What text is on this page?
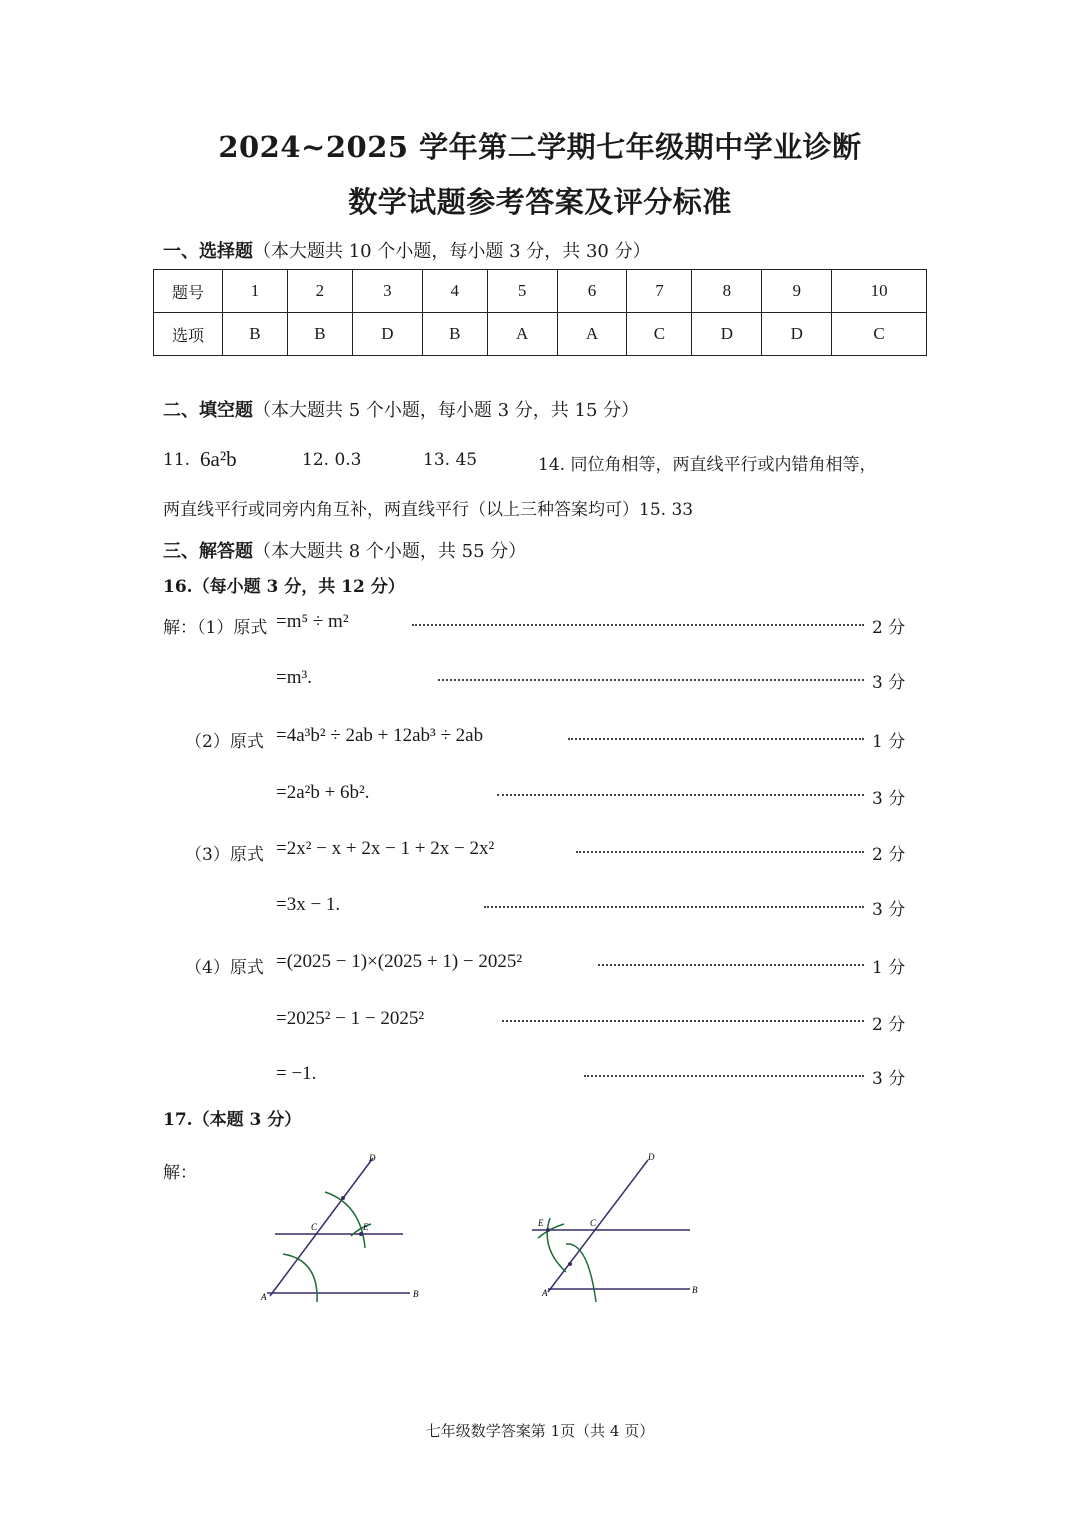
2024~2025 学年第二学期七年级期中学业诊断
数学试题参考答案及评分标准
一、选择题（本大题共 10 个小题，每小题 3 分，共 30 分）
题号	1	2	3	4	5	6	7	8	9	10
选项	B	B	D	B	A	A	C	D	D	C
二、填空题（本大题共 5 个小题，每小题 3 分，共 15 分）
11. 6a²b	12. 0.3	13. 45	14. 同位角相等，两直线平行或内错角相等，
两直线平行或同旁内角互补，两直线平行（以上三种答案均可）15. 33
三、解答题（本大题共 8 个小题，共 55 分）
16.（每小题 3 分，共 12 分）
解：（1）原式 =m⁵ ÷ m²	2 分
=m³.	3 分
（2）原式 =4a³b² ÷ 2ab + 12ab³ ÷ 2ab	1 分
=2a²b + 6b².	3 分
（3）原式 =2x² − x + 2x − 1 + 2x − 2x²	2 分
=3x − 1.	3 分
（4）原式 =(2025 − 1)×(2025 + 1) − 2025²	1 分
=2025² − 1 − 2025²	2 分
= −1.	3 分
17.（本题 3 分）
解：
A	B
C
D
E
A	B
C
D
E
七年级数学答案第 1页（共 4 页）
